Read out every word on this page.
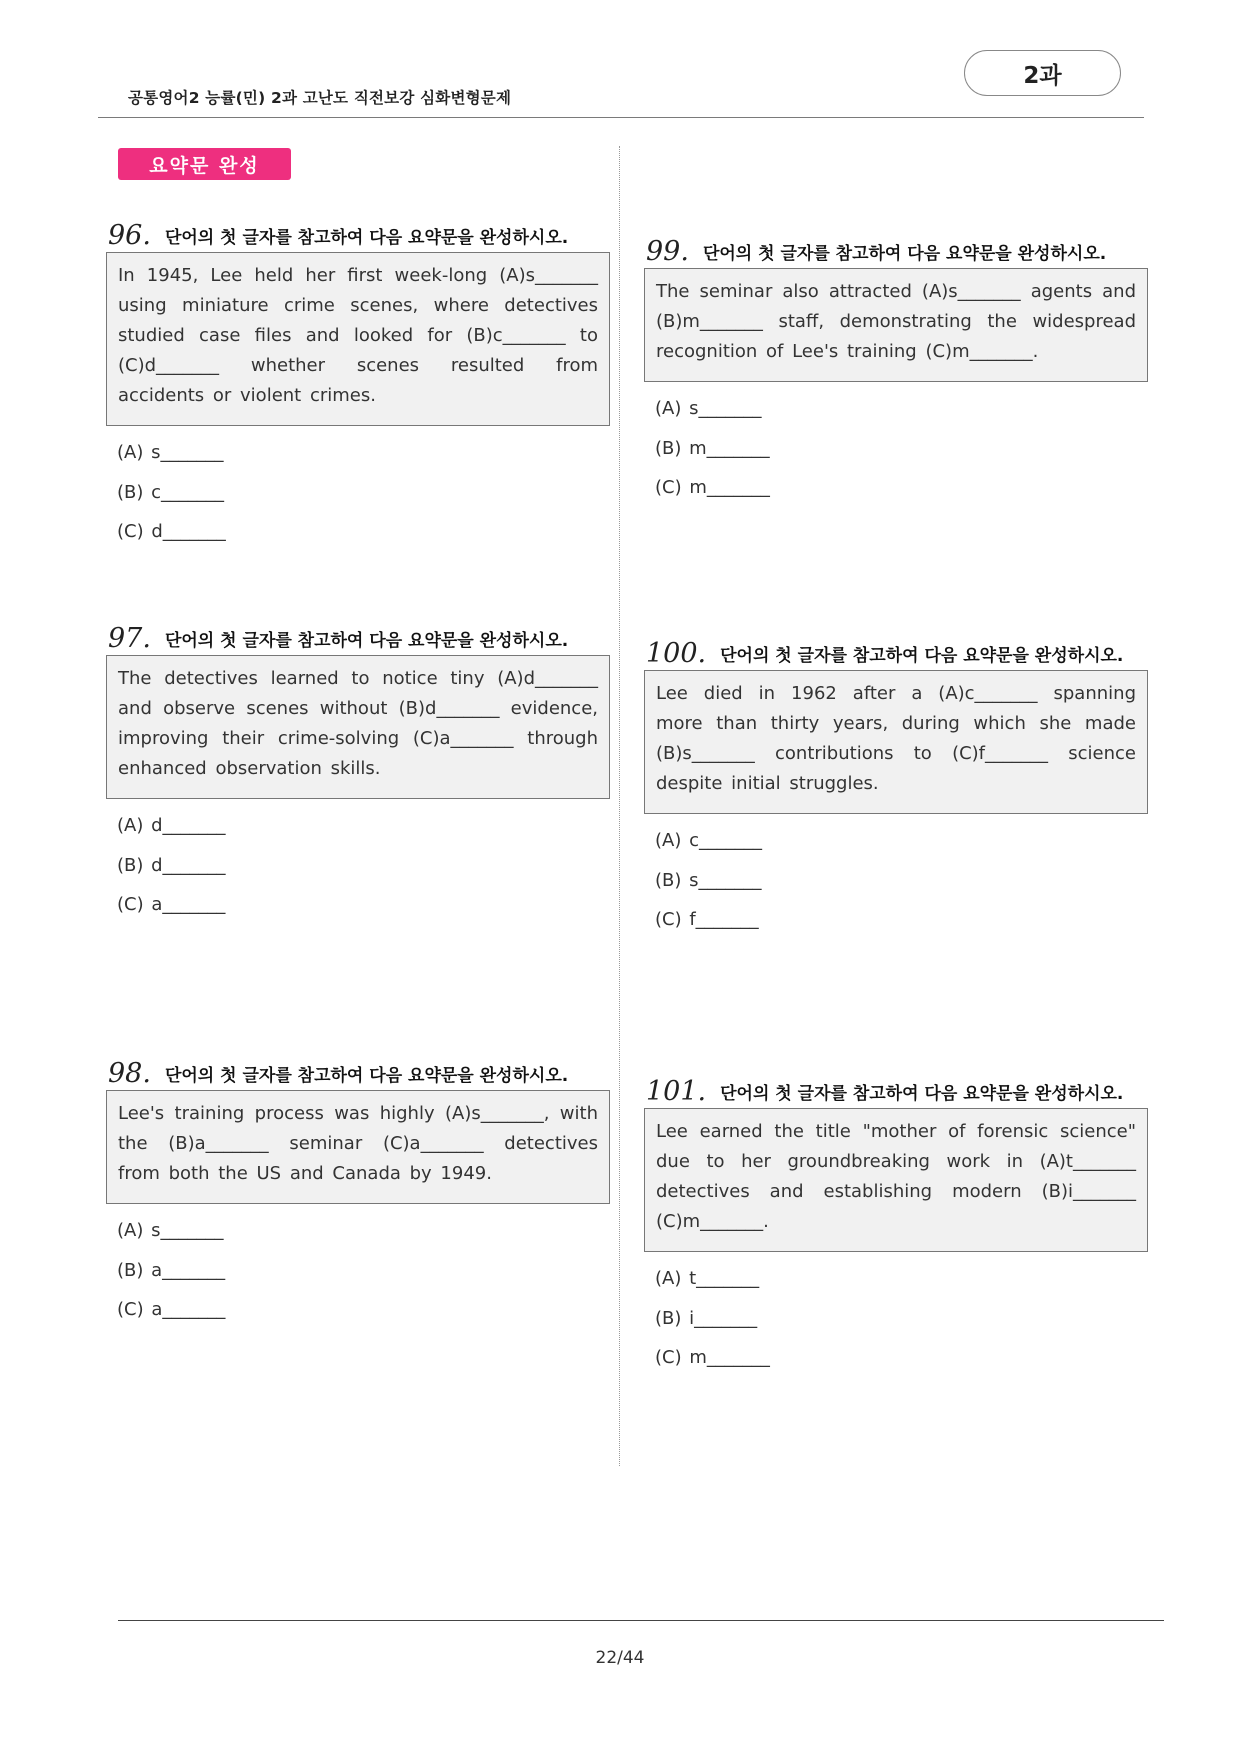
공통영어2 능률(민) 2과 고난도 직전보강 심화변형문제
2과
요약문 완성
96. 단어의 첫 글자를 참고하여 다음 요약문을 완성하시오.
In 1945, Lee held her first week-long (A)s_______ using miniature crime scenes, where detectives studied case files and looked for (B)c_______ to (C)d_______ whether scenes resulted from accidents or violent crimes.
(A) s_______
(B) c_______
(C) d_______
97. 단어의 첫 글자를 참고하여 다음 요약문을 완성하시오.
The detectives learned to notice tiny (A)d_______ and observe scenes without (B)d_______ evidence, improving their crime-solving (C)a_______ through enhanced observation skills.
(A) d_______
(B) d_______
(C) a_______
98. 단어의 첫 글자를 참고하여 다음 요약문을 완성하시오.
Lee's training process was highly (A)s_______, with the (B)a_______ seminar (C)a_______ detectives from both the US and Canada by 1949.
(A) s_______
(B) a_______
(C) a_______
99. 단어의 첫 글자를 참고하여 다음 요약문을 완성하시오.
The seminar also attracted (A)s_______ agents and (B)m_______ staff, demonstrating the widespread recognition of Lee's training (C)m_______.
(A) s_______
(B) m_______
(C) m_______
100. 단어의 첫 글자를 참고하여 다음 요약문을 완성하시오.
Lee died in 1962 after a (A)c_______ spanning more than thirty years, during which she made (B)s_______ contributions to (C)f_______ science despite initial struggles.
(A) c_______
(B) s_______
(C) f_______
101. 단어의 첫 글자를 참고하여 다음 요약문을 완성하시오.
Lee earned the title "mother of forensic science" due to her groundbreaking work in (A)t_______ detectives and establishing modern (B)i_______ (C)m_______.
(A) t_______
(B) i_______
(C) m_______
22/44
